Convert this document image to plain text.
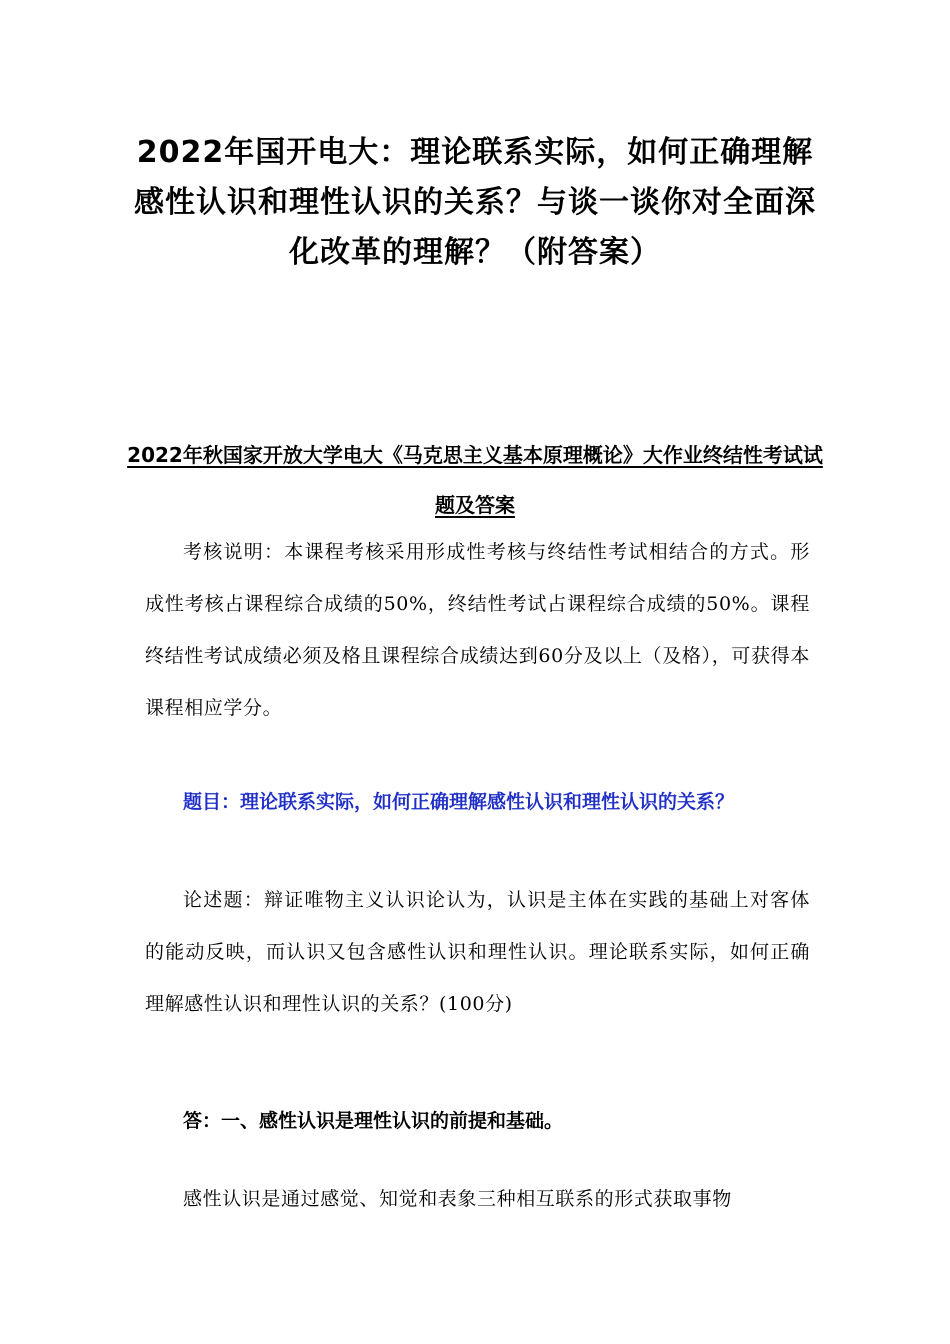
2022年国开电大：理论联系实际，如何正确理解感性认识和理性认识的关系？与谈一谈你对全面深化改革的理解？（附答案）
2022年秋国家开放大学电大《马克思主义基本原理概论》大作业终结性考试试题及答案

考核说明：本课程考核采用形成性考核与终结性考试相结合的方式。形成性考核占课程综合成绩的50%，终结性考试占课程综合成绩的50%。课程终结性考试成绩必须及格且课程综合成绩达到60分及以上（及格），可获得本课程相应学分。

题目：理论联系实际，如何正确理解感性认识和理性认识的关系？

论述题：辩证唯物主义认识论认为，认识是主体在实践的基础上对客体的能动反映，而认识又包含感性认识和理性认识。理论联系实际，如何正确理解感性认识和理性认识的关系？(100分)

答：一、感性认识是理性认识的前提和基础。

感性认识是通过感觉、知觉和表象三种相互联系的形式获取事物
